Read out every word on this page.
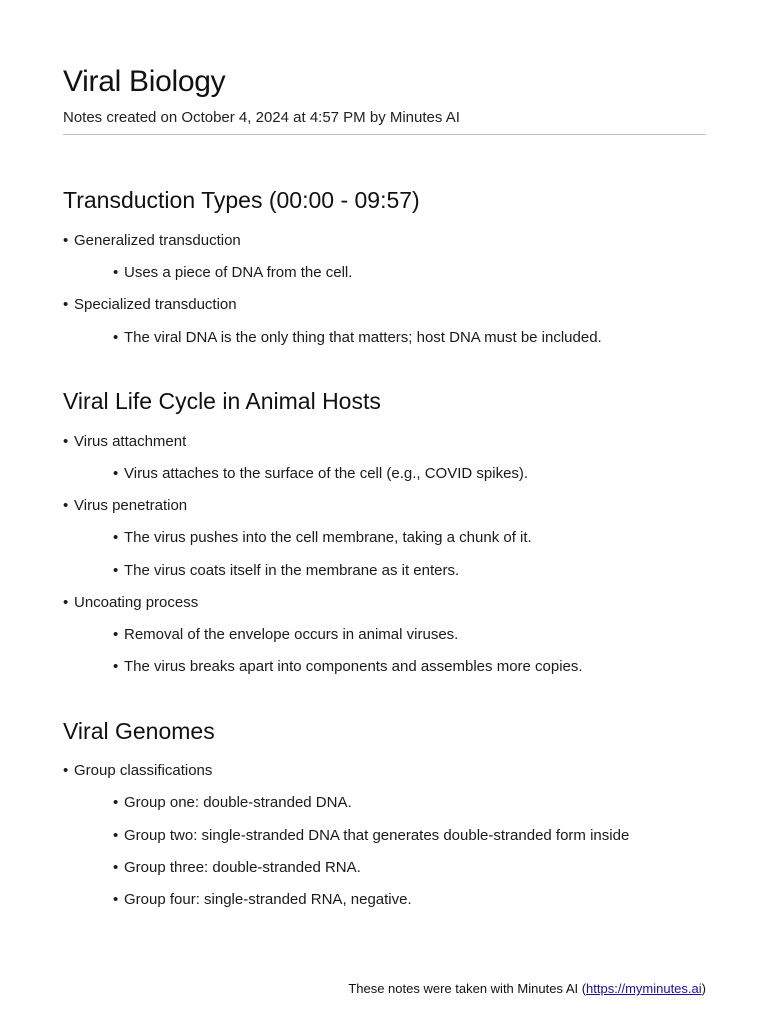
Viral Biology
Notes created on October 4, 2024 at 4:57 PM by Minutes AI
Transduction Types (00:00 - 09:57)
• Generalized transduction
• Uses a piece of DNA from the cell.
• Specialized transduction
• The viral DNA is the only thing that matters; host DNA must be included.
Viral Life Cycle in Animal Hosts
• Virus attachment
• Virus attaches to the surface of the cell (e.g., COVID spikes).
• Virus penetration
• The virus pushes into the cell membrane, taking a chunk of it.
• The virus coats itself in the membrane as it enters.
• Uncoating process
• Removal of the envelope occurs in animal viruses.
• The virus breaks apart into components and assembles more copies.
Viral Genomes
• Group classifications
• Group one: double-stranded DNA.
• Group two: single-stranded DNA that generates double-stranded form inside
• Group three: double-stranded RNA.
• Group four: single-stranded RNA, negative.
These notes were taken with Minutes AI (https://myminutes.ai)
